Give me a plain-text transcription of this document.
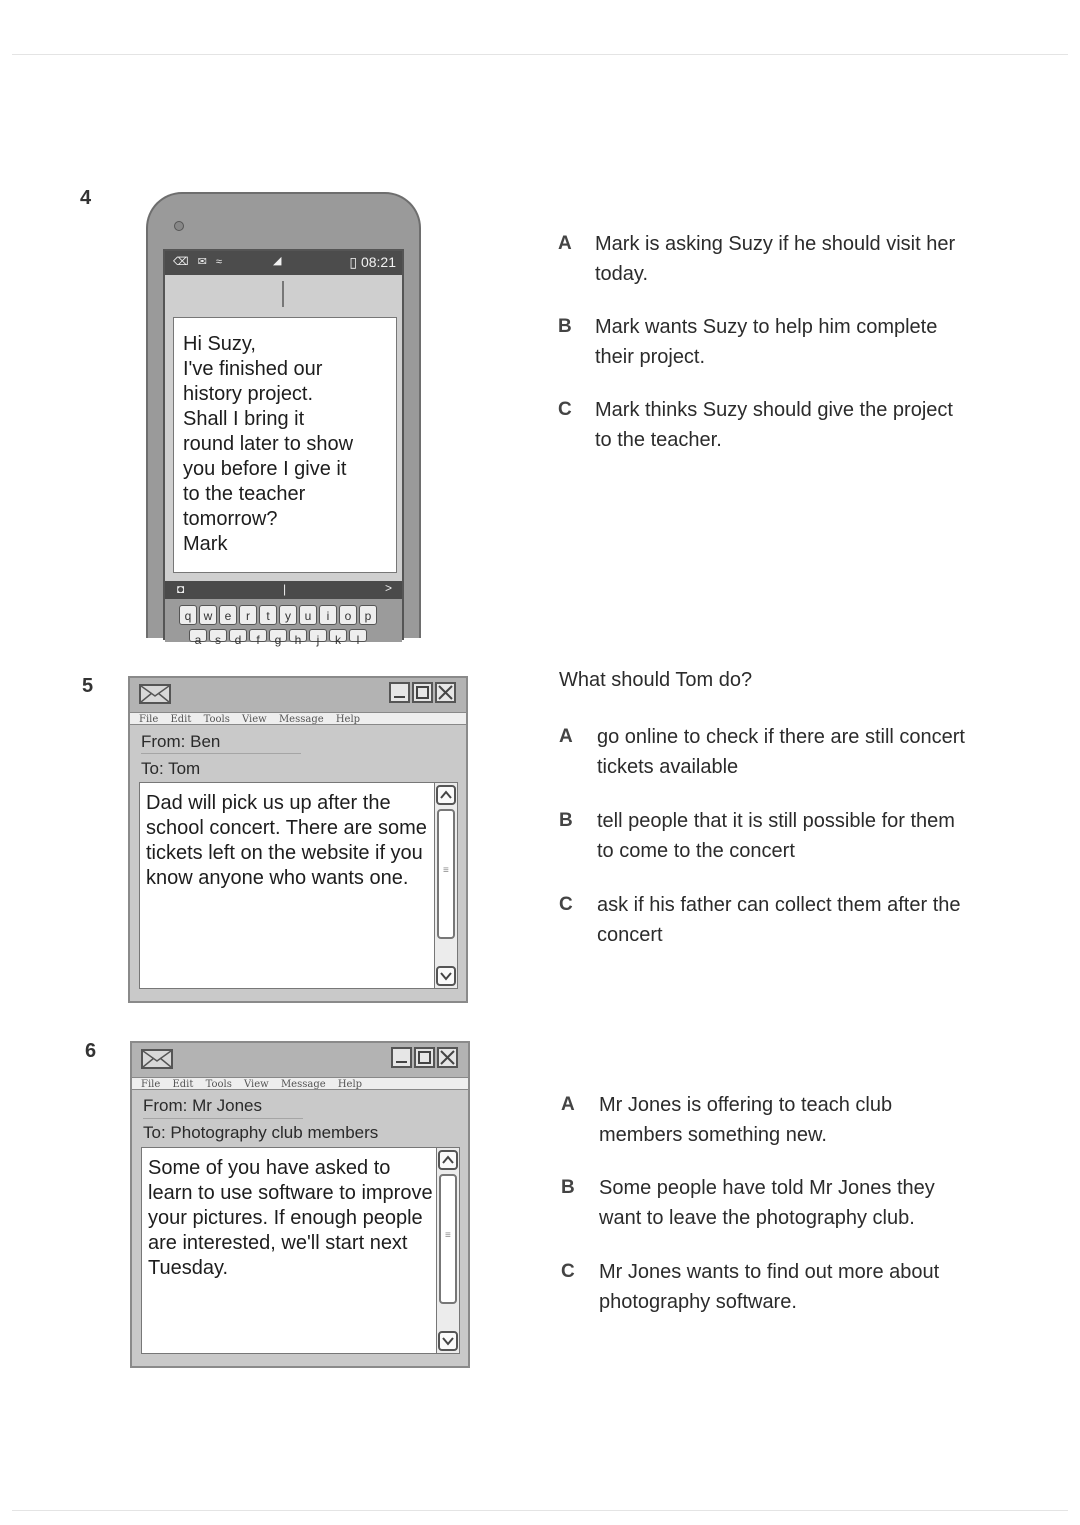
4
⌫ ✉ ≈	◢	▯ 08:21
Hi Suzy,
I've finished our
history project.
Shall I bring it
round later to show
you before I give it
to the teacher
tomorrow?
Mark
◘	|	>
q	w	e	r	t	y	u	i	o	p
a	s	d	f	g	h	j	k	l
A Mark is asking Suzy if he should visit her today.
B Mark wants Suzy to help him complete their project.
C Mark thinks Suzy should give the project to the teacher.
5
File Edit Tools View Message Help
From: Ben
To: Tom
Dad will pick us up after the school concert. There are some tickets left on the website if you know anyone who wants one.	≡
What should Tom do?
A go online to check if there are still concert tickets available
B tell people that it is still possible for them to come to the concert
C ask if his father can collect them after the concert
6
File Edit Tools View Message Help
From: Mr Jones
To: Photography club members
Some of you have asked to learn to use software to improve your pictures. If enough people are interested, we'll start next Tuesday.
≡
A Mr Jones is offering to teach club members something new.
B Some people have told Mr Jones they want to leave the photography club.
C Mr Jones wants to find out more about photography software.
